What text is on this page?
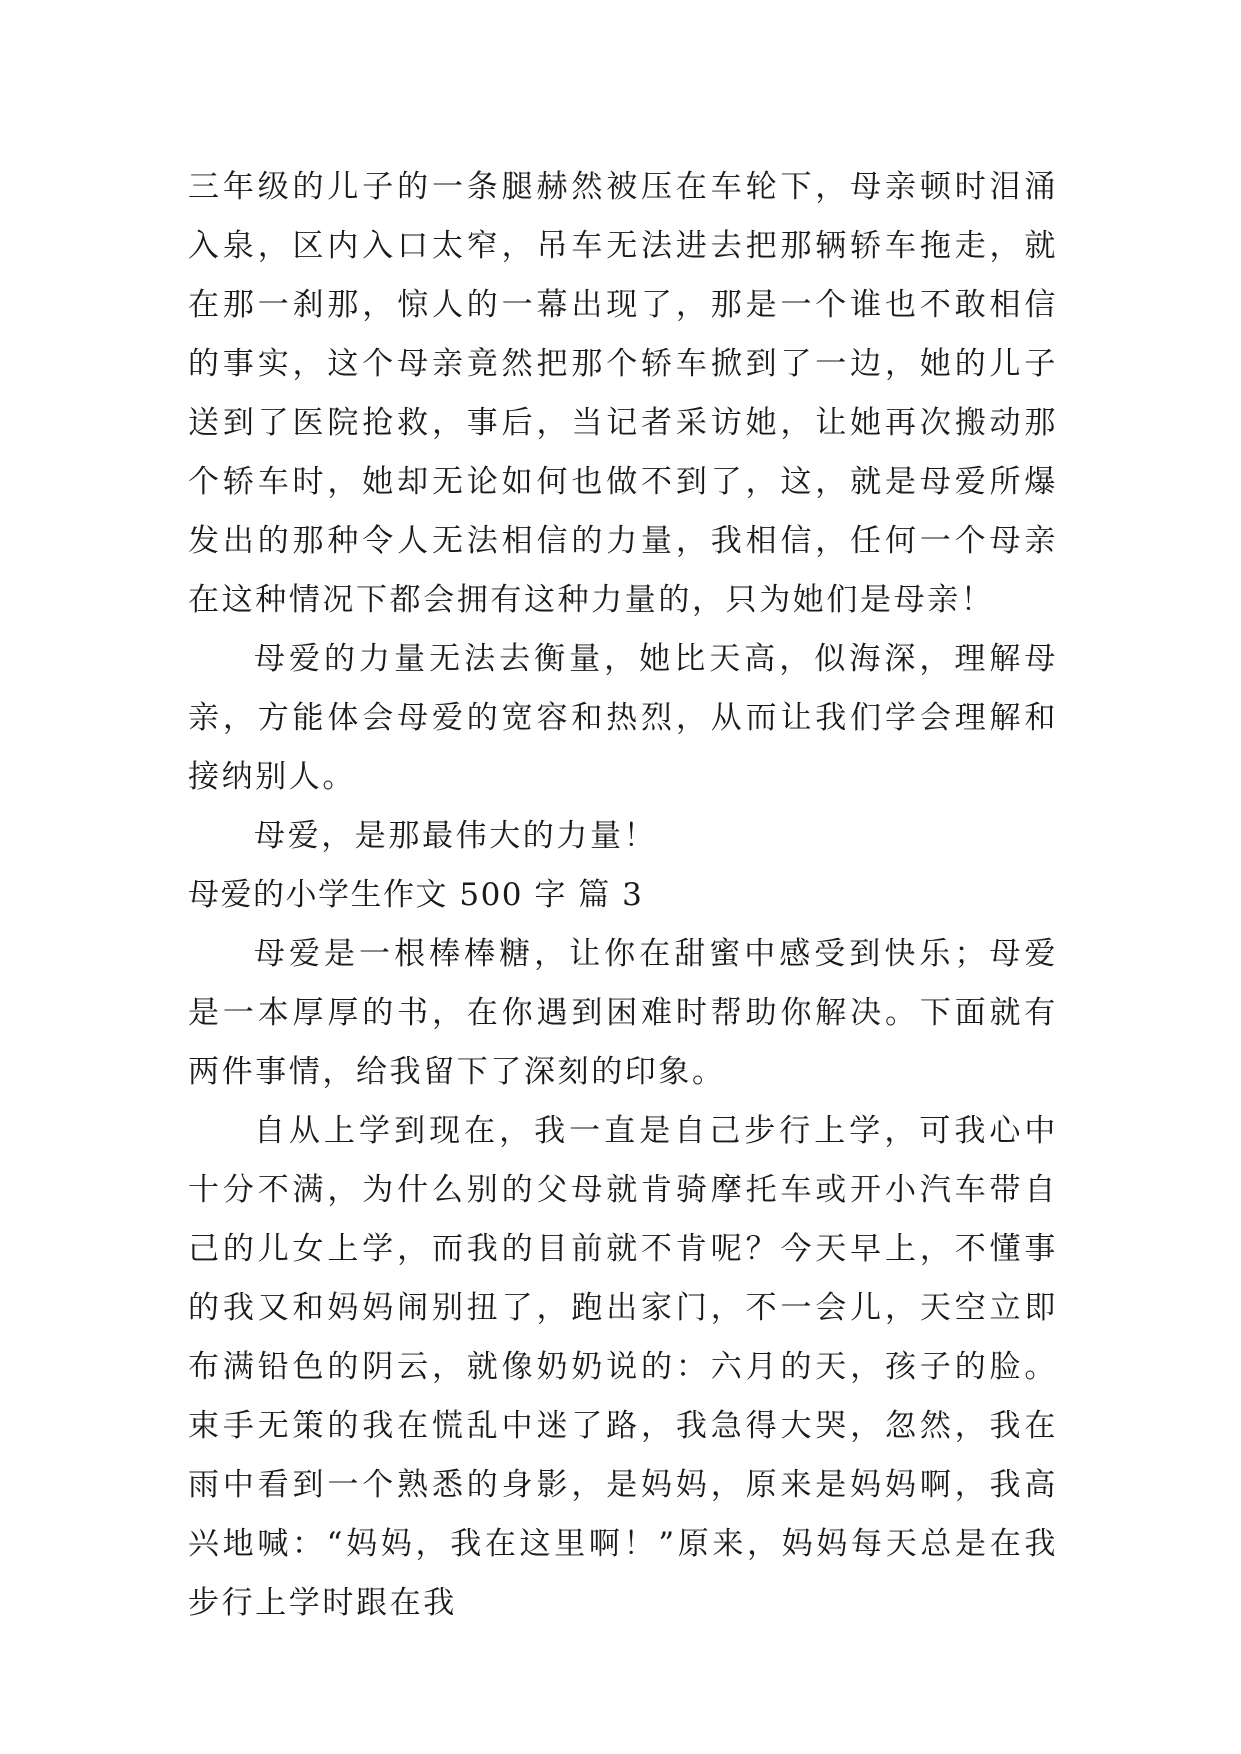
三年级的儿子的一条腿赫然被压在车轮下，母亲顿时泪涌入泉，区内入口太窄，吊车无法进去把那辆轿车拖走，就在那一刹那，惊人的一幕出现了，那是一个谁也不敢相信的事实，这个母亲竟然把那个轿车掀到了一边，她的儿子送到了医院抢救，事后，当记者采访她，让她再次搬动那个轿车时，她却无论如何也做不到了，这，就是母爱所爆发出的那种令人无法相信的力量，我相信，任何一个母亲在这种情况下都会拥有这种力量的，只为她们是母亲！

母爱的力量无法去衡量，她比天高，似海深，理解母亲，方能体会母爱的宽容和热烈，从而让我们学会理解和接纳别人。

母爱，是那最伟大的力量！

母爱的小学生作文 500 字 篇 3

母爱是一根棒棒糖，让你在甜蜜中感受到快乐；母爱是一本厚厚的书，在你遇到困难时帮助你解决。下面就有两件事情，给我留下了深刻的印象。

自从上学到现在，我一直是自己步行上学，可我心中十分不满，为什么别的父母就肯骑摩托车或开小汽车带自己的儿女上学，而我的目前就不肯呢？今天早上，不懂事的我又和妈妈闹别扭了，跑出家门，不一会儿，天空立即布满铅色的阴云，就像奶奶说的：六月的天，孩子的脸。束手无策的我在慌乱中迷了路，我急得大哭，忽然，我在雨中看到一个熟悉的身影，是妈妈，原来是妈妈啊，我高兴地喊：“妈妈，我在这里啊！”原来，妈妈每天总是在我步行上学时跟在我
